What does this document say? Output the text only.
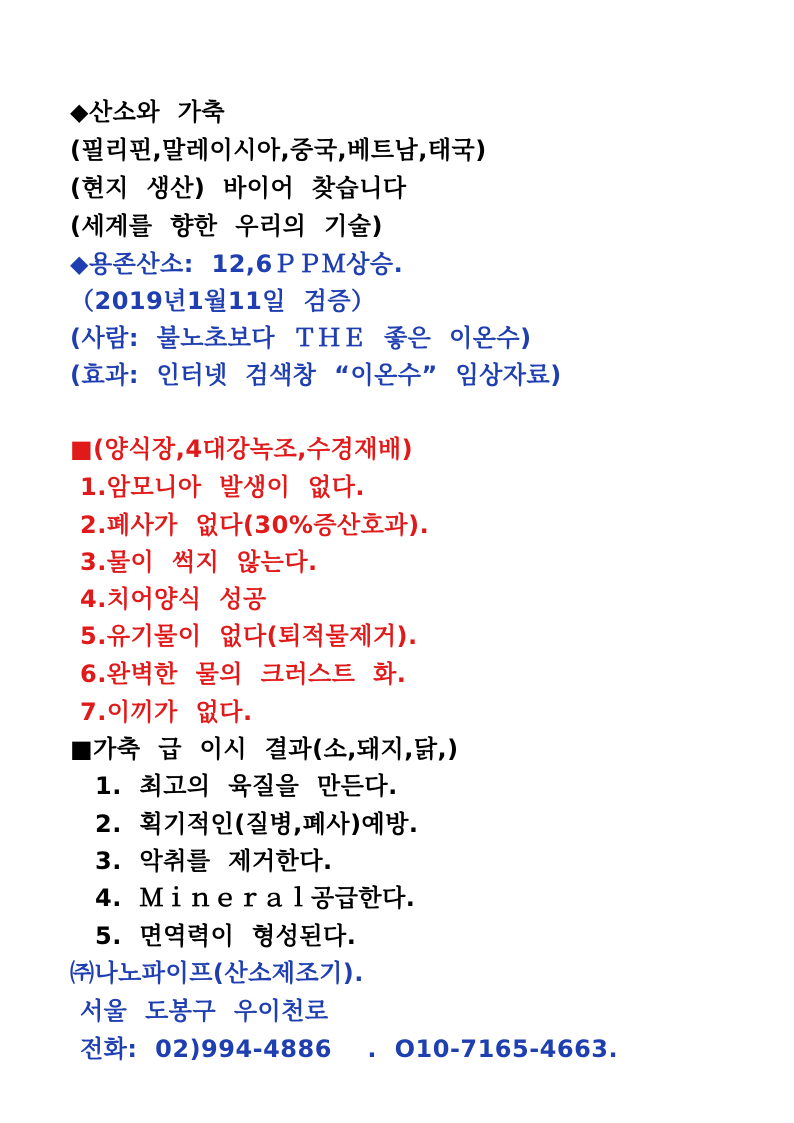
◆산소와  가축
(필리핀,말레이시아,중국,베트남,태국)
(현지  생산)  바이어  찾습니다
(세계를  향한  우리의  기술)
◆용존산소:  12,6ＰＰＭ상승.
（2019년1월11일  검증）
(사람:  불노초보다  ＴＨＥ  좋은  이온수)
(효과:  인터넷  검색창  “이온수”  임상자료)
■(양식장,4대강녹조,수경재배)
1.암모니아  발생이  없다.
2.폐사가  없다(30%증산호과).
3.물이  썩지  않는다.
4.치어양식  성공
5.유기물이  없다(퇴적물제거).
6.완벽한  물의  크러스트  화.
7.이끼가  없다.
■가축  급  이시  결과(소,돼지,닭,)
1.  최고의  육질을  만든다.
2.  획기적인(질병,폐사)예방.
3.  악취를  제거한다.
4.  Ｍｉｎｅｒａｌ공급한다.
5.  면역력이  형성된다.
㈜나노파이프(산소제조기).
서울  도봉구  우이천로
전화:  02)994-4886    .  O10-7165-4663.
